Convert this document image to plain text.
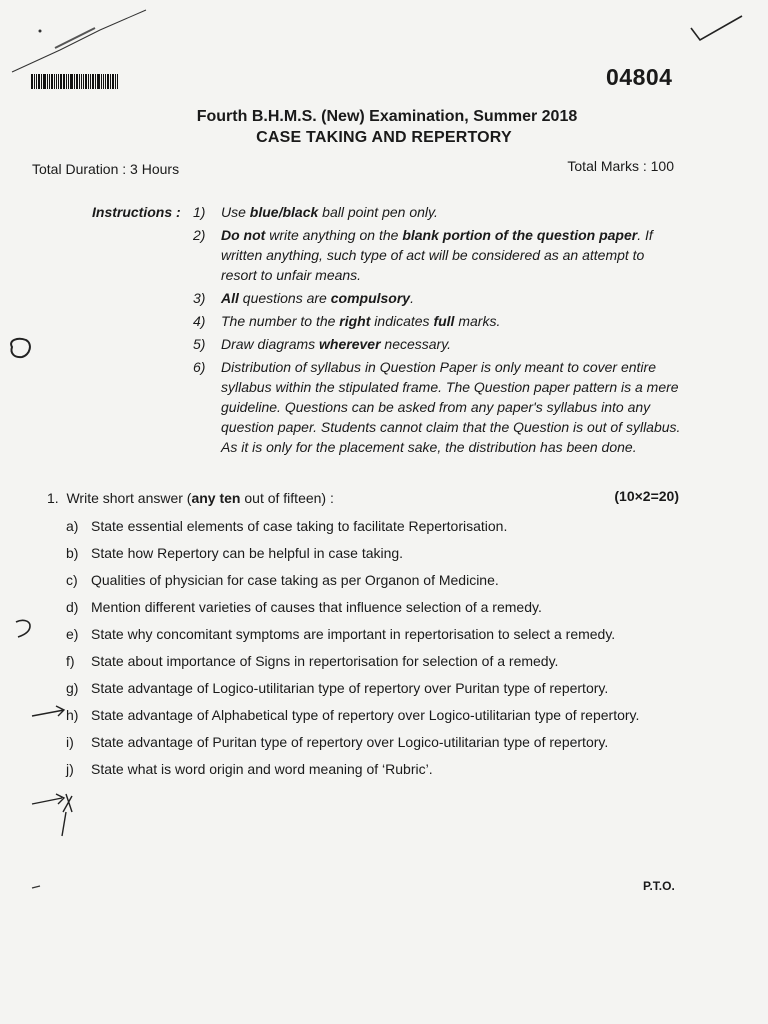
04804
Fourth B.H.M.S. (New) Examination, Summer 2018
CASE TAKING AND REPERTORY
Total Duration : 3 Hours	Total Marks : 100
Instructions : 1) Use blue/black ball point pen only.
2) Do not write anything on the blank portion of the question paper. If written anything, such type of act will be considered as an attempt to resort to unfair means.
3) All questions are compulsory.
4) The number to the right indicates full marks.
5) Draw diagrams wherever necessary.
6) Distribution of syllabus in Question Paper is only meant to cover entire syllabus within the stipulated frame. The Question paper pattern is a mere guideline. Questions can be asked from any paper's syllabus into any question paper. Students cannot claim that the Question is out of syllabus. As it is only for the placement sake, the distribution has been done.
1. Write short answer (any ten out of fifteen) :	(10×2=20)
a) State essential elements of case taking to facilitate Repertorisation.
b) State how Repertory can be helpful in case taking.
c) Qualities of physician for case taking as per Organon of Medicine.
d) Mention different varieties of causes that influence selection of a remedy.
e) State why concomitant symptoms are important in repertorisation to select a remedy.
f) State about importance of Signs in repertorisation for selection of a remedy.
g) State advantage of Logico-utilitarian type of repertory over Puritan type of repertory.
h) State advantage of Alphabetical type of repertory over Logico-utilitarian type of repertory.
i) State advantage of Puritan type of repertory over Logico-utilitarian type of repertory.
j) State what is word origin and word meaning of ‘Rubric’.
P.T.O.
